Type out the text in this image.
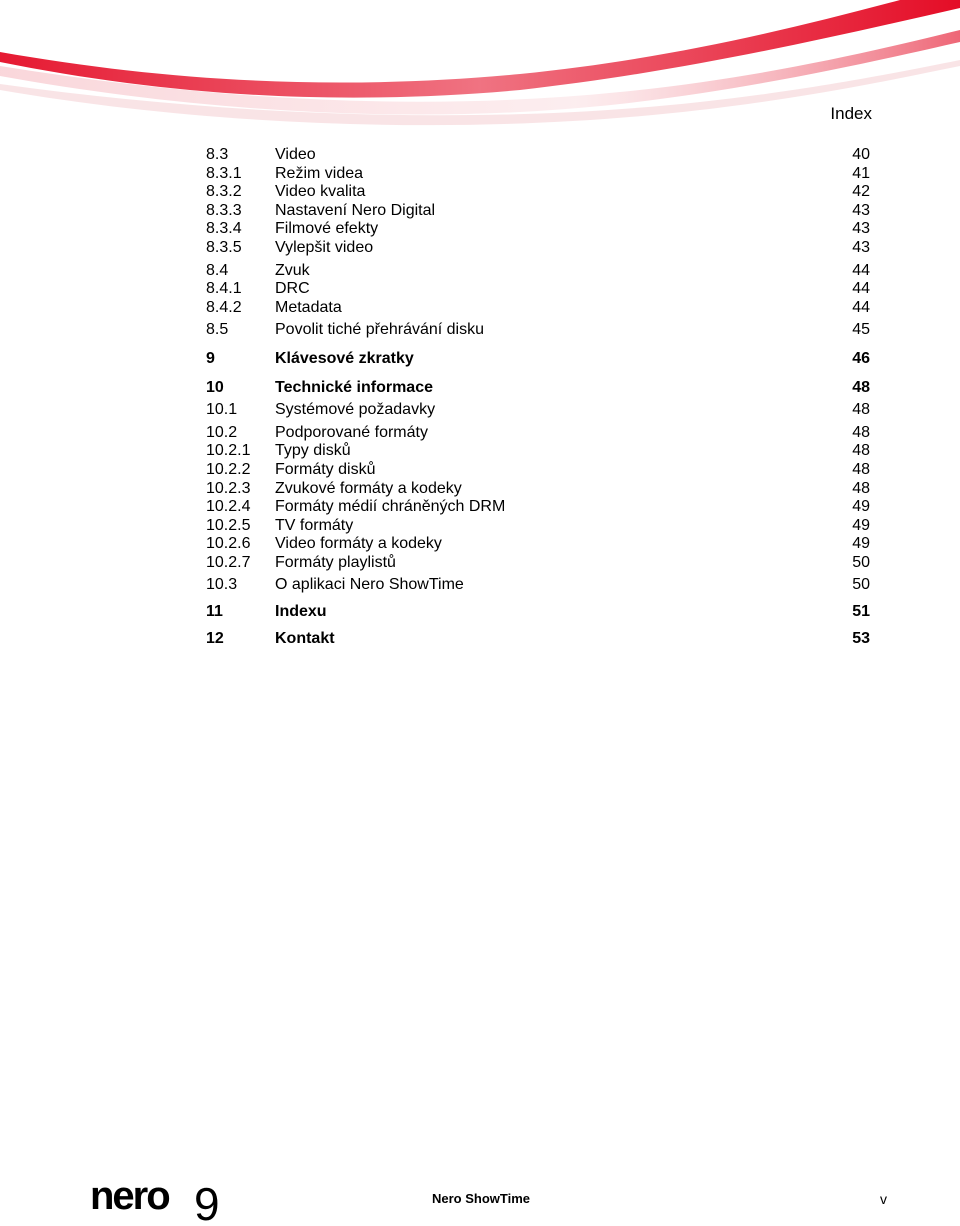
Index
8.3	Video	40
8.3.1	Režim videa	41
8.3.2	Video kvalita	42
8.3.3	Nastavení Nero Digital	43
8.3.4	Filmové efekty	43
8.3.5	Vylepšit video	43
8.4	Zvuk	44
8.4.1	DRC	44
8.4.2	Metadata	44
8.5	Povolit tiché přehrávání disku	45
9	Klávesové zkratky	46
10	Technické informace	48
10.1	Systémové požadavky	48
10.2	Podporované formáty	48
10.2.1	Typy disků	48
10.2.2	Formáty disků	48
10.2.3	Zvukové formáty a kodeky	48
10.2.4	Formáty médií chráněných DRM	49
10.2.5	TV formáty	49
10.2.6	Video formáty a kodeky	49
10.2.7	Formáty playlistů	50
10.3	O aplikaci Nero ShowTime	50
11	Indexu	51
12	Kontakt	53
nero 9	Nero ShowTime	v
